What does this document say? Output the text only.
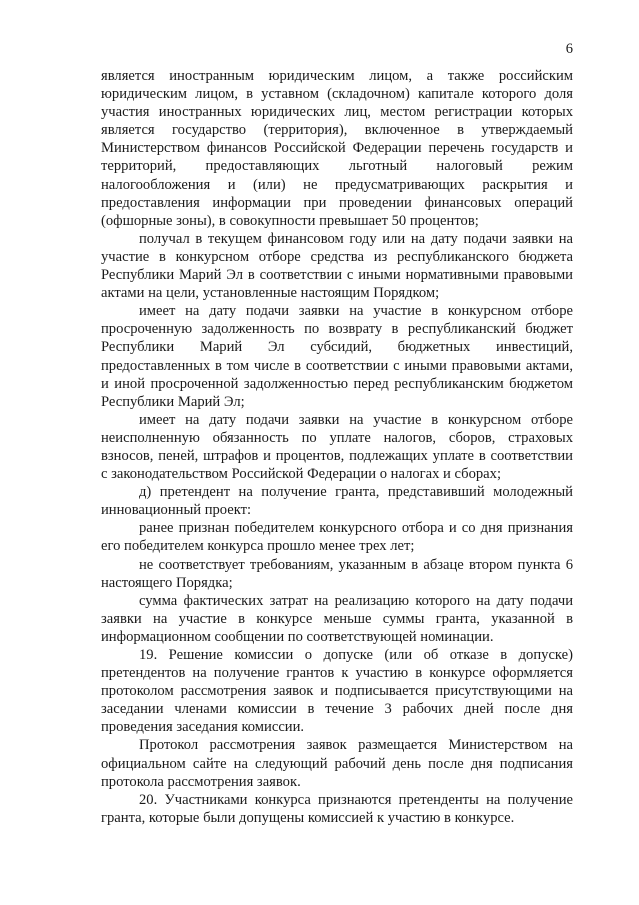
6

является иностранным юридическим лицом, а также российским юридическим лицом, в уставном (складочном) капитале которого доля участия иностранных юридических лиц, местом регистрации которых является государство (территория), включенное в утверждаемый Министерством финансов Российской Федерации перечень государств и территорий, предоставляющих льготный налоговый режим налогообложения и (или) не предусматривающих раскрытия и предоставления информации при проведении финансовых операций (офшорные зоны), в совокупности превышает 50 процентов;

получал в текущем финансовом году или на дату подачи заявки на участие в конкурсном отборе средства из республиканского бюджета Республики Марий Эл в соответствии с иными нормативными правовыми актами на цели, установленные настоящим Порядком;

имеет на дату подачи заявки на участие в конкурсном отборе просроченную задолженность по возврату в республиканский бюджет Республики Марий Эл субсидий, бюджетных инвестиций, предоставленных в том числе в соответствии с иными правовыми актами, и иной просроченной задолженностью перед республиканским бюджетом Республики Марий Эл;

имеет на дату подачи заявки на участие в конкурсном отборе неисполненную обязанность по уплате налогов, сборов, страховых взносов, пеней, штрафов и процентов, подлежащих уплате в соответствии с законодательством Российской Федерации о налогах и сборах;

д) претендент на получение гранта, представивший молодежный инновационный проект:

ранее признан победителем конкурсного отбора и со дня признания его победителем конкурса прошло менее трех лет;

не соответствует требованиям, указанным в абзаце втором пункта 6 настоящего Порядка;

сумма фактических затрат на реализацию которого на дату подачи заявки на участие в конкурсе меньше суммы гранта, указанной в информационном сообщении по соответствующей номинации.

19. Решение комиссии о допуске (или об отказе в допуске) претендентов на получение грантов к участию в конкурсе оформляется протоколом рассмотрения заявок и подписывается присутствующими на заседании членами комиссии в течение 3 рабочих дней после дня проведения заседания комиссии.

Протокол рассмотрения заявок размещается Министерством на официальном сайте на следующий рабочий день после дня подписания протокола рассмотрения заявок.

20. Участниками конкурса признаются претенденты на получение гранта, которые были допущены комиссией к участию в конкурсе.
